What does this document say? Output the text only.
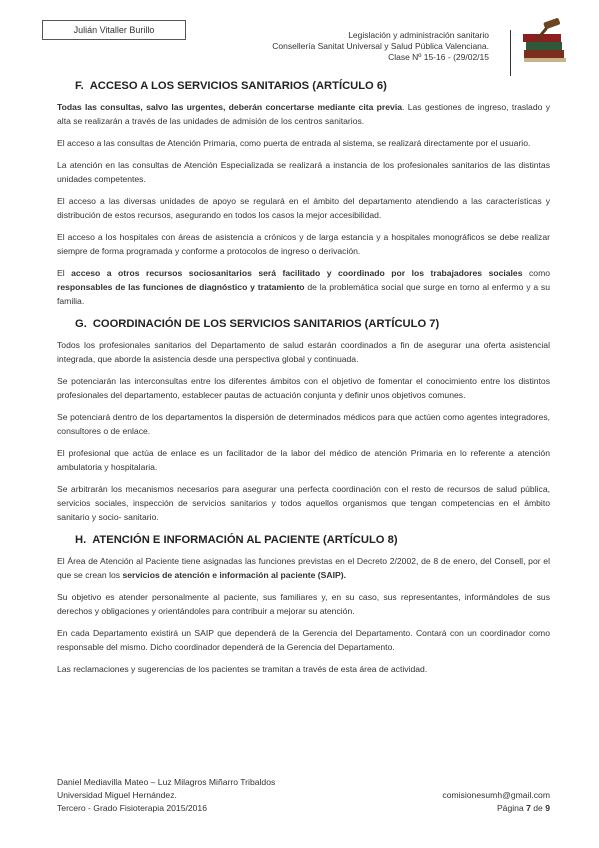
Julián Vitaller Burillo	Legislación y administración sanitario
Consellería Sanitat Universal y Salud Pública Valenciana.
Clase Nº 15-16 - (29/02/15
F. ACCESO A LOS SERVICIOS SANITARIOS (ARTÍCULO 6)

Todas las consultas, salvo las urgentes, deberán concertarse mediante cita previa. Las gestiones de ingreso, traslado y alta se realizarán a través de las unidades de admisión de los centros sanitarios.

El acceso a las consultas de Atención Primaria, como puerta de entrada al sistema, se realizará directamente por el usuario.

La atención en las consultas de Atención Especializada se realizará a instancia de los profesionales sanitarios de las distintas unidades competentes.

El acceso a las diversas unidades de apoyo se regulará en el ámbito del departamento atendiendo a las características y distribución de estos recursos, asegurando en todos los casos la mejor accesibilidad.

El acceso a los hospitales con áreas de asistencia a crónicos y de larga estancia y a hospitales monográficos se debe realizar siempre de forma programada y conforme a protocolos de ingreso o derivación.

El acceso a otros recursos sociosanitarios será facilitado y coordinado por los trabajadores sociales como responsables de las funciones de diagnóstico y tratamiento de la problemática social que surge en torno al enfermo y a su familia.

G. COORDINACIÓN DE LOS SERVICIOS SANITARIOS (ARTÍCULO 7)

Todos los profesionales sanitarios del Departamento de salud estarán coordinados a fin de asegurar una oferta asistencial integrada, que aborde la asistencia desde una perspectiva global y continuada.

Se potenciarán las interconsultas entre los diferentes ámbitos con el objetivo de fomentar el conocimiento entre los distintos profesionales del departamento, establecer pautas de actuación conjunta y definir unos objetivos comunes.

Se potenciará dentro de los departamentos la dispersión de determinados médicos para que actúen como agentes integradores, consultores o de enlace.

El profesional que actúa de enlace es un facilitador de la labor del médico de atención Primaria en lo referente a atención ambulatoria y hospitalaria.

Se arbitrarán los mecanismos necesarios para asegurar una perfecta coordinación con el resto de recursos de salud pública, servicios sociales, inspección de servicios sanitarios y todos aquellos organismos que tengan competencias en el ámbito sanitario y socio- sanitario.

H. ATENCIÓN E INFORMACIÓN AL PACIENTE (ARTÍCULO 8)

El Área de Atención al Paciente tiene asignadas las funciones previstas en el Decreto 2/2002, de 8 de enero, del Consell, por el que se crean los servicios de atención e información al paciente (SAIP).

Su objetivo es atender personalmente al paciente, sus familiares y, en su caso, sus representantes, informándoles de sus derechos y obligaciones y orientándoles para contribuir a mejorar su atención.

En cada Departamento existirá un SAIP que dependerá de la Gerencia del Departamento. Contará con un coordinador como responsable del mismo. Dicho coordinador dependerá de la Gerencia del Departamento.

Las reclamaciones y sugerencias de los pacientes se tramitan a través de esta área de actividad.

Daniel Mediavilla Mateo – Luz Milagros Miñarro Tribaldos
Universidad Miguel Hernández.
Tercero - Grado Fisioterapia 2015/2016
comisionesumh@gmail.com
Página 7 de 9
